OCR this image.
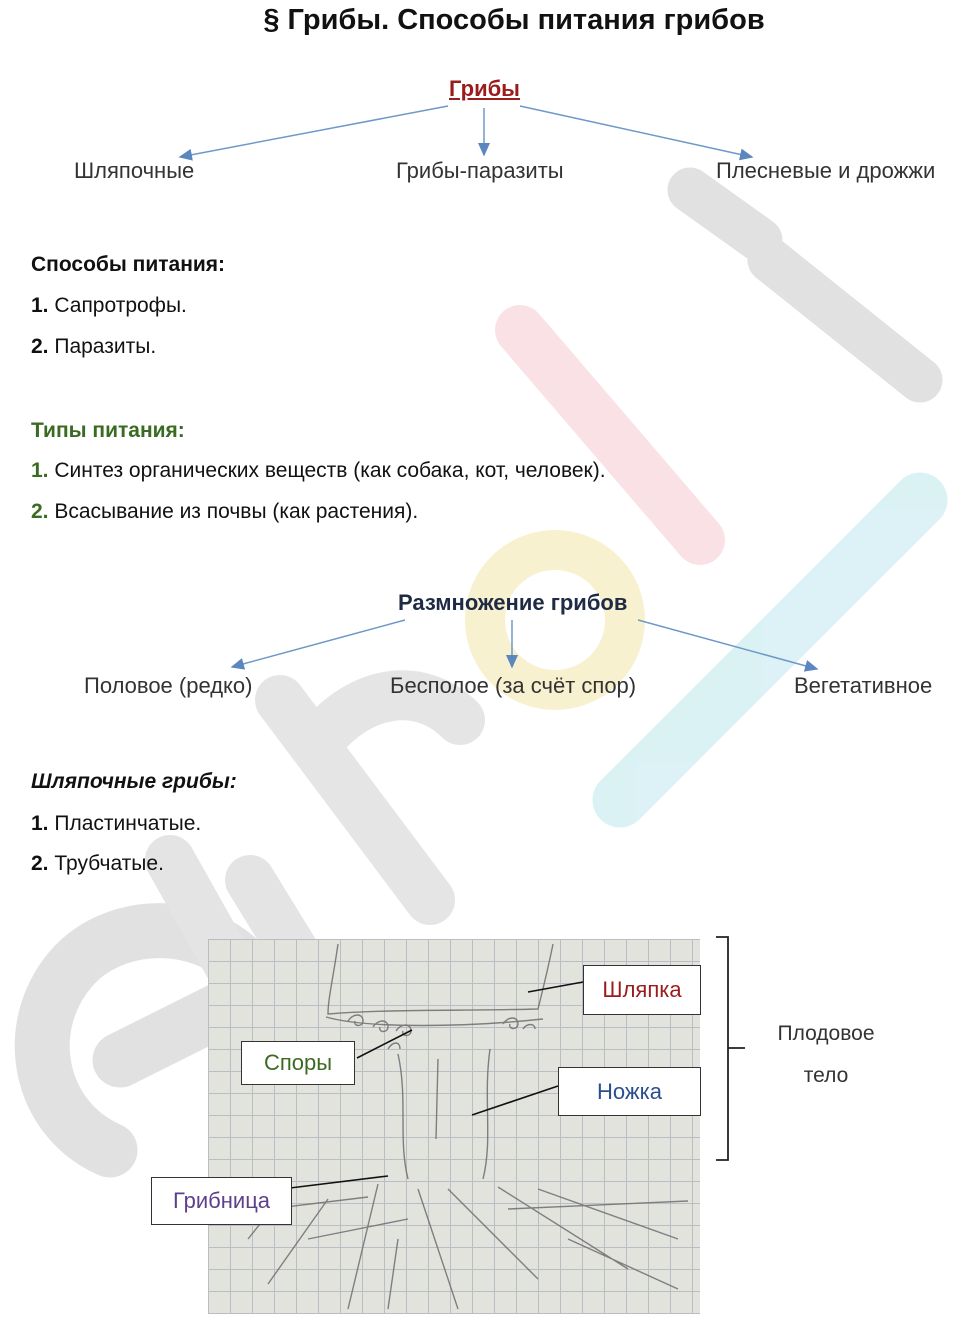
§ Грибы. Способы питания грибов
Грибы
Шляпочные	Грибы-паразиты	Плесневые и дрожжи
Способы питания:
1. Сапротрофы.
2. Паразиты.
Типы питания:
1. Синтез органических веществ (как собака, кот, человек).
2. Всасывание из почвы (как растения).
Размножение грибов
Половое (редко)	Бесполое (за счёт спор)	Вегетативное
Шляпочные грибы:
1. Пластинчатые.
2. Трубчатые.
Шляпка
Споры
Ножка
Грибница
Плодовое
тело
